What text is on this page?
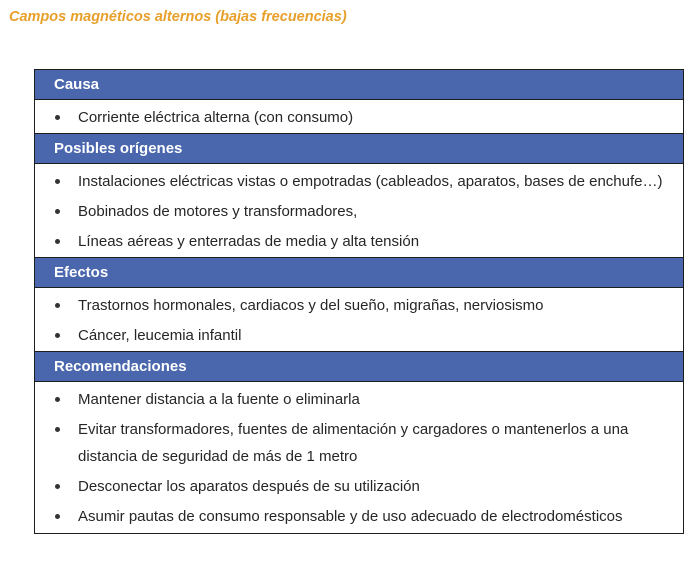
Campos magnéticos alternos (bajas frecuencias)
Causa
Corriente eléctrica alterna (con consumo)
Posibles orígenes
Instalaciones eléctricas vistas o empotradas (cableados, aparatos, bases de enchufe…)
Bobinados de motores y transformadores,
Líneas aéreas y enterradas de media y alta tensión
Efectos
Trastornos hormonales, cardiacos y del sueño, migrañas, nerviosismo
Cáncer, leucemia infantil
Recomendaciones
Mantener distancia a la fuente o eliminarla
Evitar transformadores, fuentes de alimentación y cargadores o mantenerlos a una distancia de seguridad de más de 1 metro
Desconectar los aparatos después de su utilización
Asumir pautas de consumo responsable y de uso adecuado de electrodomésticos
